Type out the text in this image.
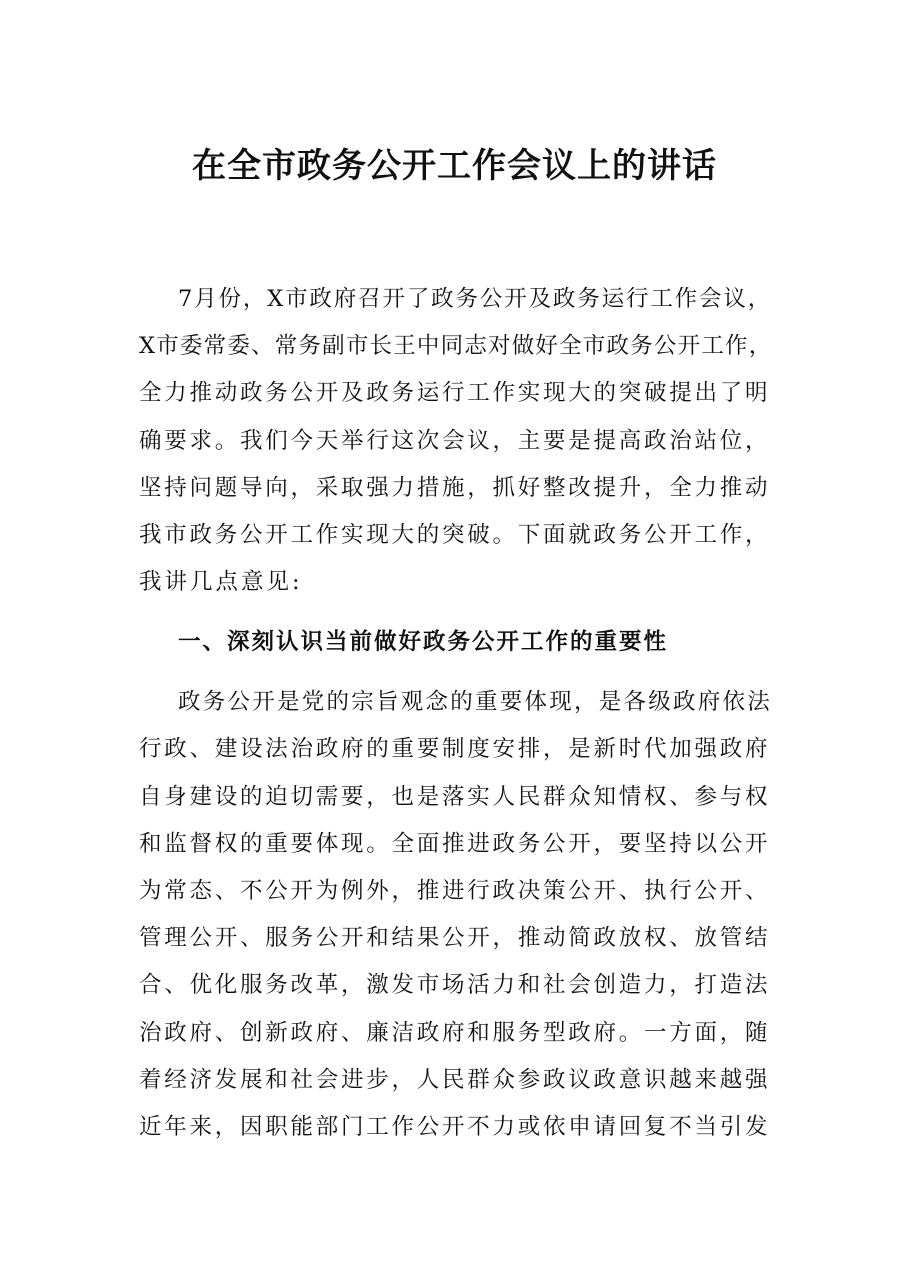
在全市政务公开工作会议上的讲话

7月份，X市政府召开了政务公开及政务运行工作会议，

X市委常委、常务副市长王中同志对做好全市政务公开工作，

全力推动政务公开及政务运行工作实现大的突破提出了明

确要求。我们今天举行这次会议，主要是提高政治站位，

坚持问题导向，采取强力措施，抓好整改提升，全力推动

我市政务公开工作实现大的突破。下面就政务公开工作，

我讲几点意见:

一、深刻认识当前做好政务公开工作的重要性

政务公开是党的宗旨观念的重要体现，是各级政府依法

行政、建设法治政府的重要制度安排，是新时代加强政府

自身建设的迫切需要，也是落实人民群众知情权、参与权

和监督权的重要体现。全面推进政务公开，要坚持以公开

为常态、不公开为例外，推进行政决策公开、执行公开、

管理公开、服务公开和结果公开，推动简政放权、放管结

合、优化服务改革，激发市场活力和社会创造力，打造法

治政府、创新政府、廉洁政府和服务型政府。一方面，随

着经济发展和社会进步，人民群众参政议政意识越来越强

近年来，因职能部门工作公开不力或依申请回复不当引发
